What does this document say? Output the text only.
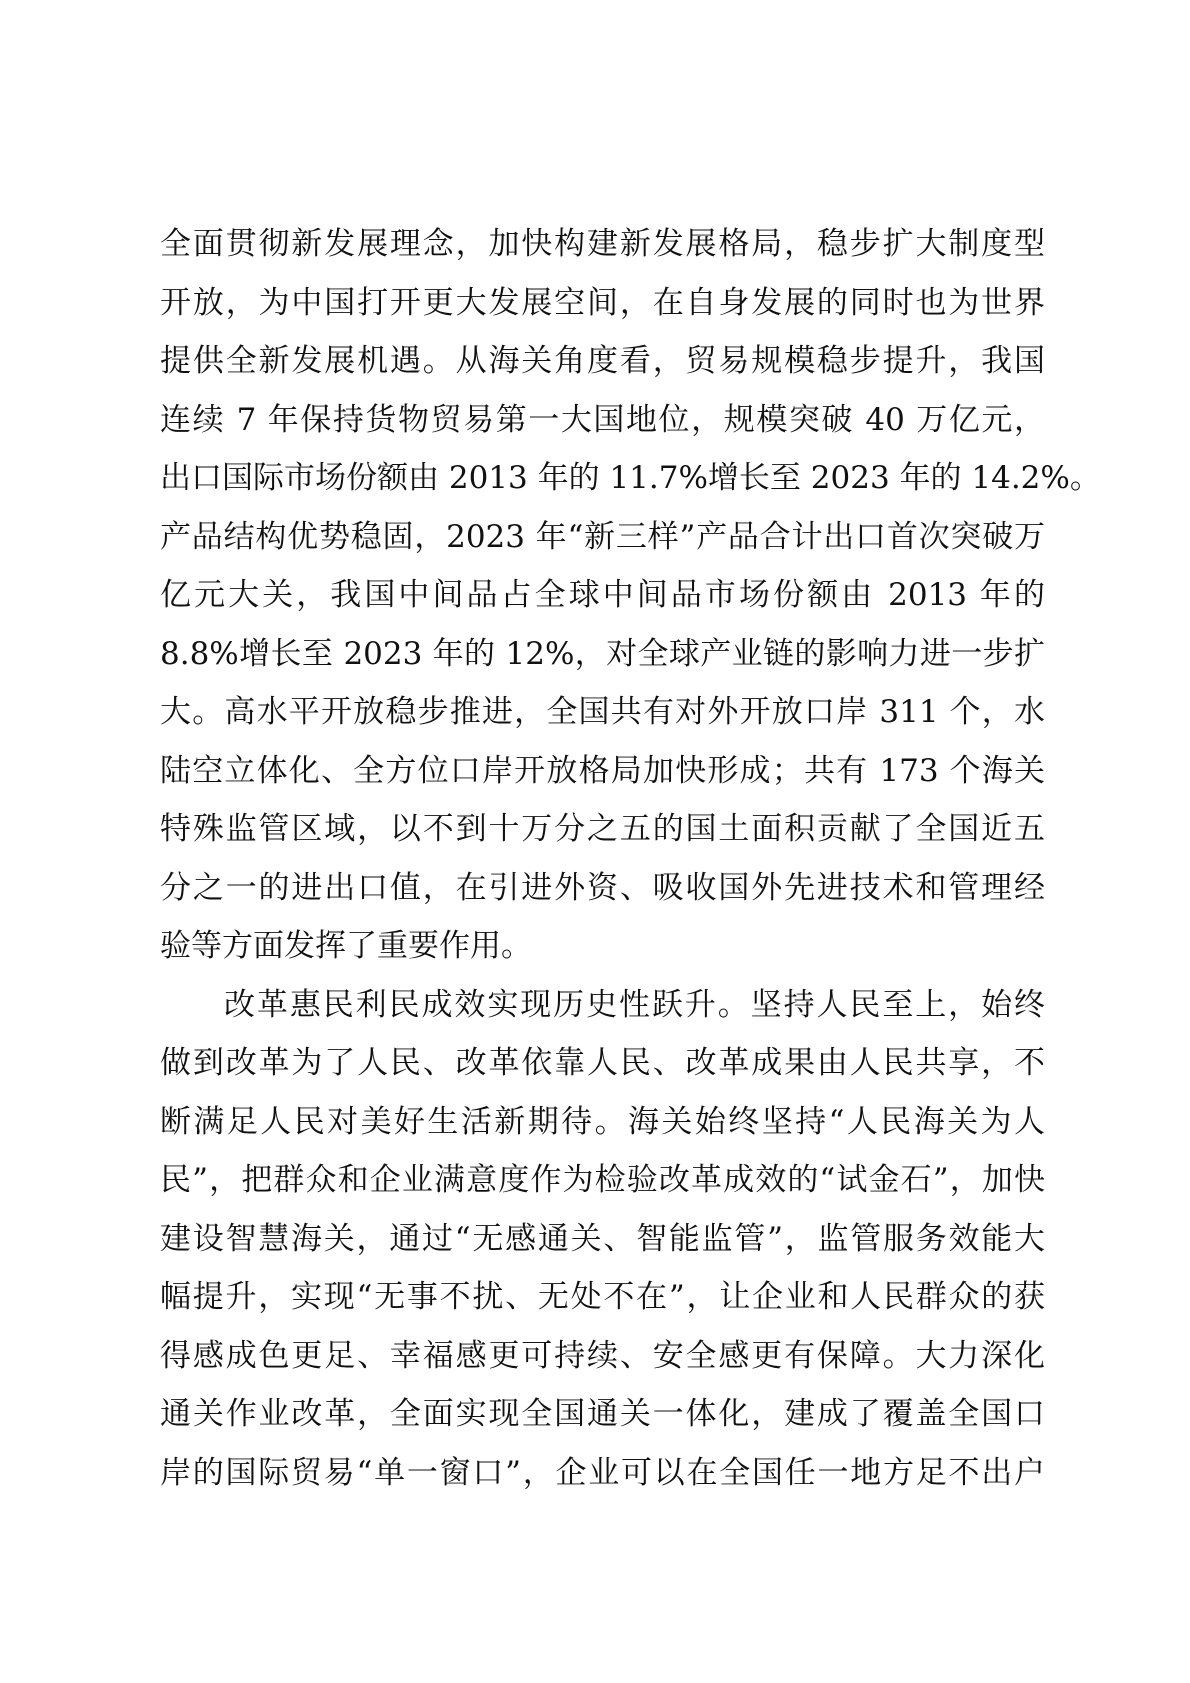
全面贯彻新发展理念，加快构建新发展格局，稳步扩大制度型
开放，为中国打开更大发展空间，在自身发展的同时也为世界
提供全新发展机遇。从海关角度看，贸易规模稳步提升，我国
连续 7 年保持货物贸易第一大国地位，规模突破 40 万亿元，
出口国际市场份额由 2013 年的 11.7%增长至 2023 年的 14.2%。
产品结构优势稳固，2023 年“新三样”产品合计出口首次突破万
亿元大关，我国中间品占全球中间品市场份额由 2013 年的
8.8%增长至 2023 年的 12%，对全球产业链的影响力进一步扩
大。高水平开放稳步推进，全国共有对外开放口岸 311 个，水
陆空立体化、全方位口岸开放格局加快形成；共有 173 个海关
特殊监管区域，以不到十万分之五的国土面积贡献了全国近五
分之一的进出口值，在引进外资、吸收国外先进技术和管理经
验等方面发挥了重要作用。
改革惠民利民成效实现历史性跃升。坚持人民至上，始终
做到改革为了人民、改革依靠人民、改革成果由人民共享，不
断满足人民对美好生活新期待。海关始终坚持“人民海关为人
民”，把群众和企业满意度作为检验改革成效的“试金石”，加快
建设智慧海关，通过“无感通关、智能监管”，监管服务效能大
幅提升，实现“无事不扰、无处不在”，让企业和人民群众的获
得感成色更足、幸福感更可持续、安全感更有保障。大力深化
通关作业改革，全面实现全国通关一体化，建成了覆盖全国口
岸的国际贸易“单一窗口”，企业可以在全国任一地方足不出户
